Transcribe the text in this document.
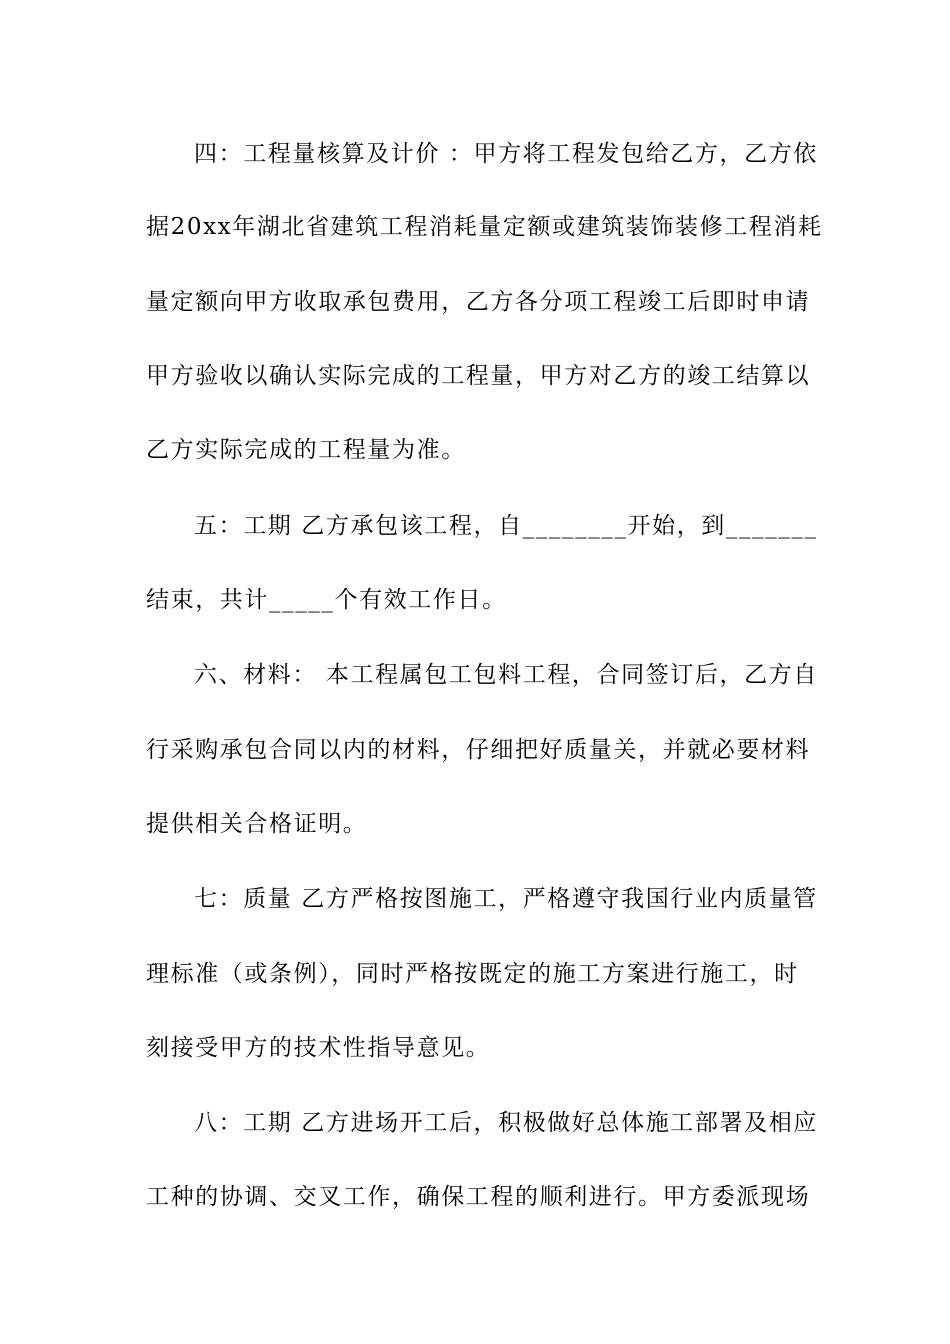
四：工程量核算及计价 ：甲方将工程发包给乙方，乙方依
据20xx年湖北省建筑工程消耗量定额或建筑装饰装修工程消耗
量定额向甲方收取承包费用，乙方各分项工程竣工后即时申请
甲方验收以确认实际完成的工程量，甲方对乙方的竣工结算以
乙方实际完成的工程量为准。
五：工期 乙方承包该工程，自________开始，到_______
结束，共计_____个有效工作日。
六、材料： 本工程属包工包料工程，合同签订后，乙方自
行采购承包合同以内的材料，仔细把好质量关，并就必要材料
提供相关合格证明。
七：质量 乙方严格按图施工，严格遵守我国行业内质量管
理标准（或条例），同时严格按既定的施工方案进行施工，时
刻接受甲方的技术性指导意见。
八：工期 乙方进场开工后，积极做好总体施工部署及相应
工种的协调、交叉工作，确保工程的顺利进行。甲方委派现场
